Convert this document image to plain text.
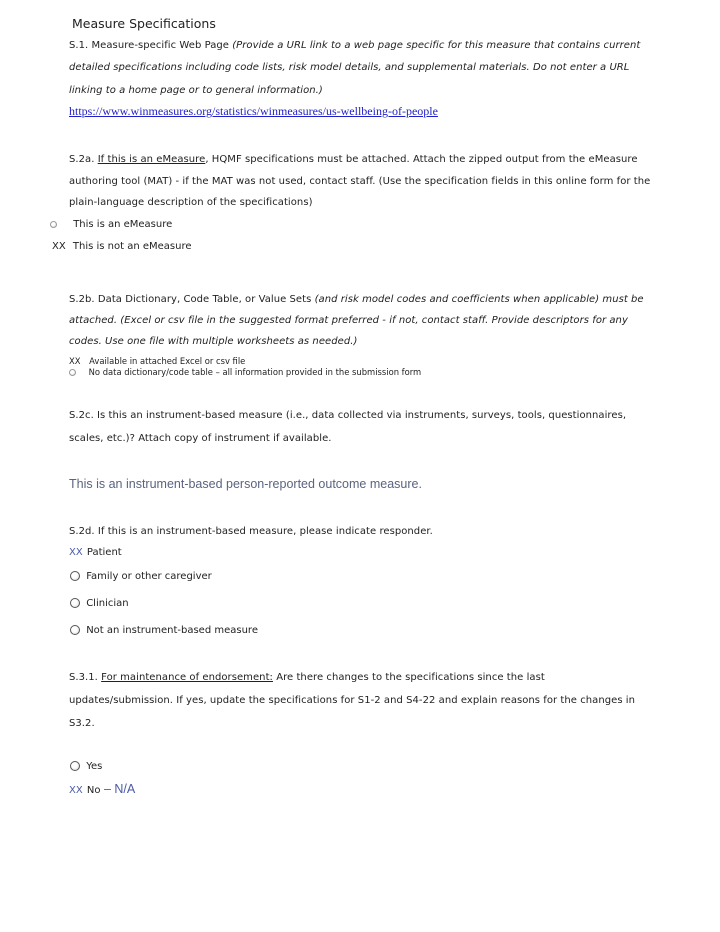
Measure Specifications
S.1. Measure-specific Web Page (Provide a URL link to a web page specific for this measure that contains current
detailed specifications including code lists, risk model details, and supplemental materials. Do not enter a URL
linking to a home page or to general information.)
https://www.winmeasures.org/statistics/winmeasures/us-wellbeing-of-people
S.2a. If this is an eMeasure, HQMF specifications must be attached. Attach the zipped output from the eMeasure
authoring tool (MAT) - if the MAT was not used, contact staff. (Use the specification fields in this online form for the
plain-language description of the specifications)
This is an eMeasure
XX This is not an eMeasure
S.2b. Data Dictionary, Code Table, or Value Sets (and risk model codes and coefficients when applicable) must be
attached. (Excel or csv file in the suggested format preferred - if not, contact staff. Provide descriptors for any
codes. Use one file with multiple worksheets as needed.)
XX Available in attached Excel or csv file
No data dictionary/code table – all information provided in the submission form
S.2c. Is this an instrument-based measure (i.e., data collected via instruments, surveys, tools, questionnaires,
scales, etc.)? Attach copy of instrument if available.
This is an instrument-based person-reported outcome measure.
S.2d. If this is an instrument-based measure, please indicate responder.
XX Patient
Family or other caregiver
Clinician
Not an instrument-based measure
S.3.1. For maintenance of endorsement: Are there changes to the specifications since the last
updates/submission. If yes, update the specifications for S1-2 and S4-22 and explain reasons for the changes in
S3.2.
Yes
XX No – N/A
